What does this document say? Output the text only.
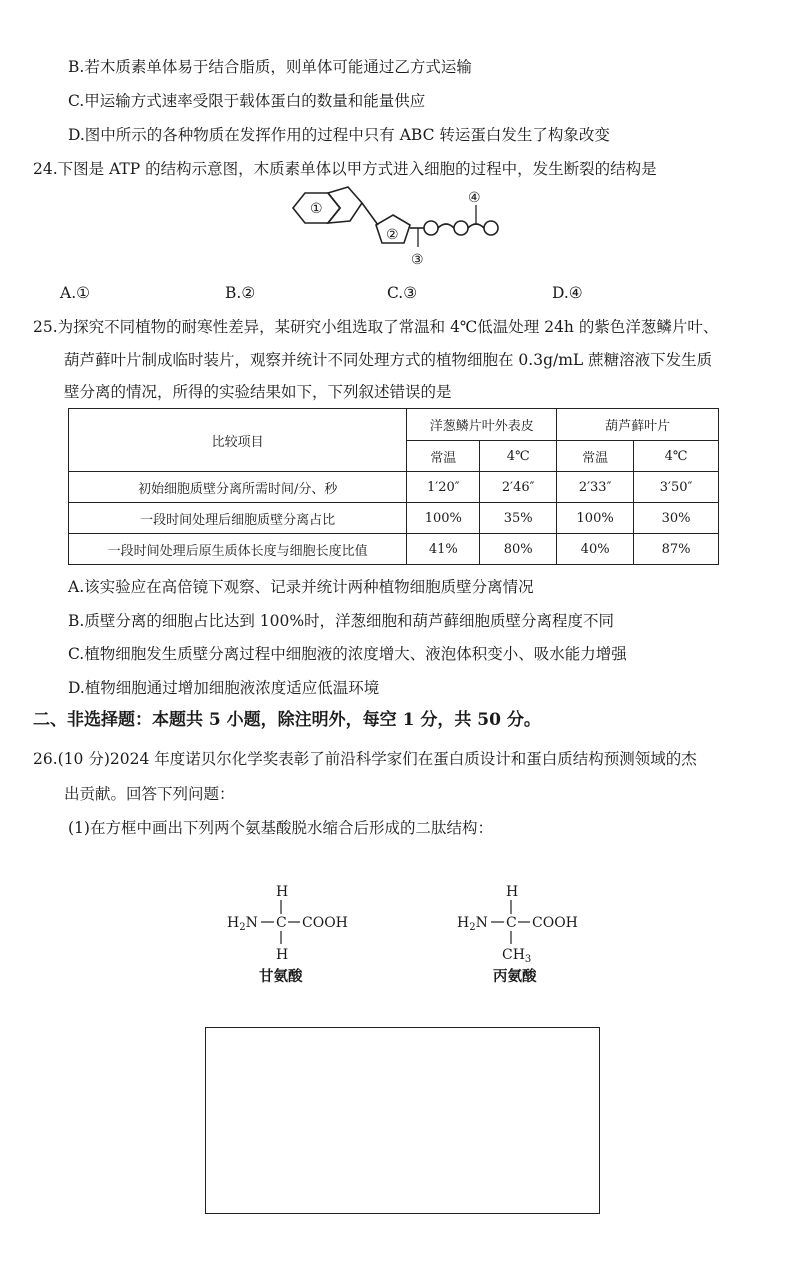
B.若木质素单体易于结合脂质，则单体可能通过乙方式运输
C.甲运输方式速率受限于载体蛋白的数量和能量供应
D.图中所示的各种物质在发挥作用的过程中只有 ABC 转运蛋白发生了构象改变
24.下图是 ATP 的结构示意图，木质素单体以甲方式进入细胞的过程中，发生断裂的结构是
①
②
③
④
A.①	B.②	C.③	D.④
25.为探究不同植物的耐寒性差异，某研究小组选取了常温和 4℃低温处理 24h 的紫色洋葱鳞片叶、
葫芦藓叶片制成临时装片，观察并统计不同处理方式的植物细胞在 0.3g/mL 蔗糖溶液下发生质
壁分离的情况，所得的实验结果如下，下列叙述错误的是
比较项目	洋葱鳞片叶外表皮		葫芦藓叶片	
	常温	4℃	常温	4℃
初始细胞质壁分离所需时间/分、秒	1′20″	2′46″	2′33″	3′50″
一段时间处理后细胞质壁分离占比	100%	35%	100%	30%
一段时间处理后原生质体长度与细胞长度比值	41%	80%	40%	87%
A.该实验应在高倍镜下观察、记录并统计两种植物细胞质壁分离情况
B.质壁分离的细胞占比达到 100%时，洋葱细胞和葫芦藓细胞质壁分离程度不同
C.植物细胞发生质壁分离过程中细胞液的浓度增大、液泡体积变小、吸水能力增强
D.植物细胞通过增加细胞液浓度适应低温环境
二、非选择题：本题共 5 小题，除注明外，每空 1 分，共 50 分。
26.(10 分)2024 年度诺贝尔化学奖表彰了前沿科学家们在蛋白质设计和蛋白质结构预测领域的杰
出贡献。回答下列问题：
(1)在方框中画出下列两个氨基酸脱水缩合后形成的二肽结构：
H
$H_2N$ C COOH
H
甘氨酸
H
$H_2N$ C COOH
$CH_3$
丙氨酸
